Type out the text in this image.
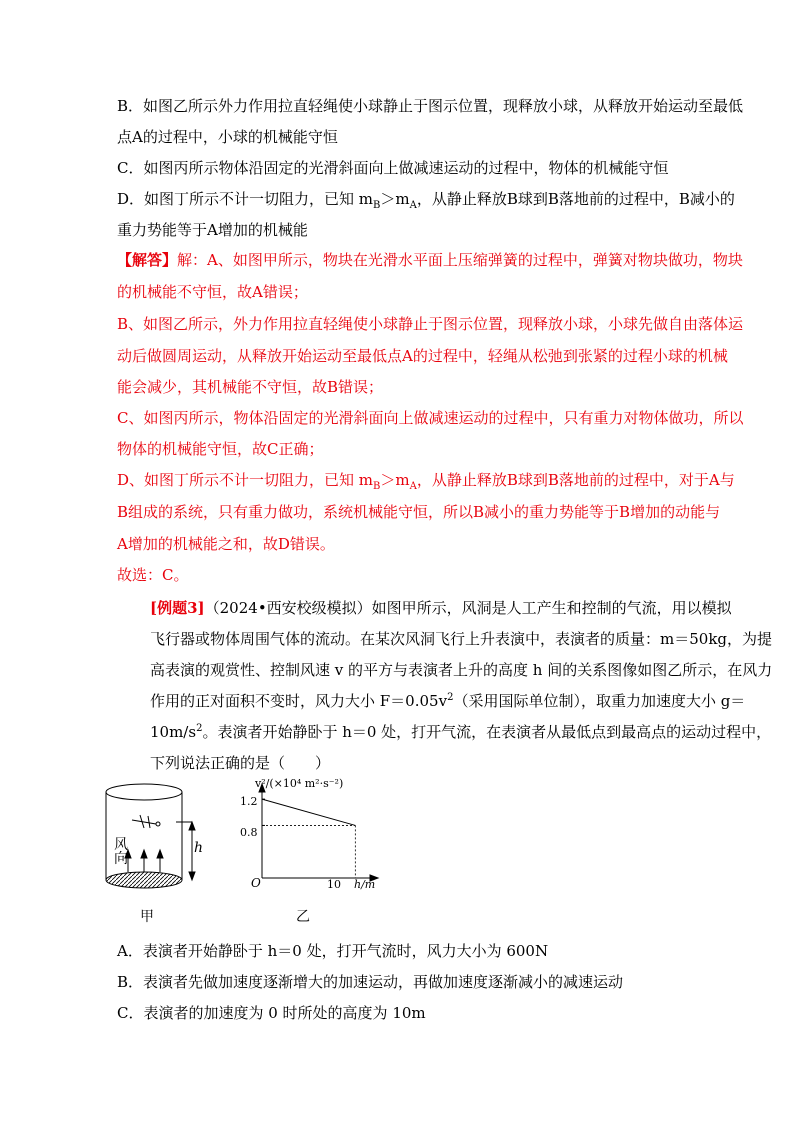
B．如图乙所示外力作用拉直轻绳使小球静止于图示位置，现释放小球，从释放开始运动至最低
点A的过程中，小球的机械能守恒
C．如图丙所示物体沿固定的光滑斜面向上做减速运动的过程中，物体的机械能守恒
D．如图丁所示不计一切阻力，已知 $m_B>m_A$，从静止释放B球到B落地前的过程中，B减小的
重力势能等于A增加的机械能
【解答】解：A、如图甲所示，物块在光滑水平面上压缩弹簧的过程中，弹簧对物块做功，物块
的机械能不守恒，故A错误；
B、如图乙所示，外力作用拉直轻绳使小球静止于图示位置，现释放小球，小球先做自由落体运
动后做圆周运动，从释放开始运动至最低点A的过程中，轻绳从松弛到张紧的过程小球的机械
能会减少，其机械能不守恒，故B错误；
C、如图丙所示，物体沿固定的光滑斜面向上做减速运动的过程中，只有重力对物体做功，所以
物体的机械能守恒，故C正确；
D、如图丁所示不计一切阻力，已知 $m_B>m_A$，从静止释放B球到B落地前的过程中，对于A与
B组成的系统，只有重力做功，系统机械能守恒，所以B减小的重力势能等于B增加的动能与
A增加的机械能之和，故D错误。
故选：C。
[例题3]（2024•西安校级模拟）如图甲所示，风洞是人工产生和控制的气流，用以模拟
飞行器或物体周围气体的流动。在某次风洞飞行上升表演中，表演者的质量：m＝50kg，为提
高表演的观赏性、控制风速 v 的平方与表演者上升的高度 h 间的关系图像如图乙所示，在风力
作用的正对面积不变时，风力大小 $F=0.05v^2$（采用国际单位制），取重力加速度大小 g＝
$10m/s^2$。表演者开始静卧于 h＝0 处，打开气流，在表演者从最低点到最高点的运动过程中，
下列说法正确的是（　　）
风向
h
甲
v²/(×10⁴ m²·s⁻²)
1.2
0.8
O	10 h/m
乙
A．表演者开始静卧于 h＝0 处，打开气流时，风力大小为 600N
B．表演者先做加速度逐渐增大的加速运动，再做加速度逐渐减小的减速运动
C．表演者的加速度为 0 时所处的高度为 10m
